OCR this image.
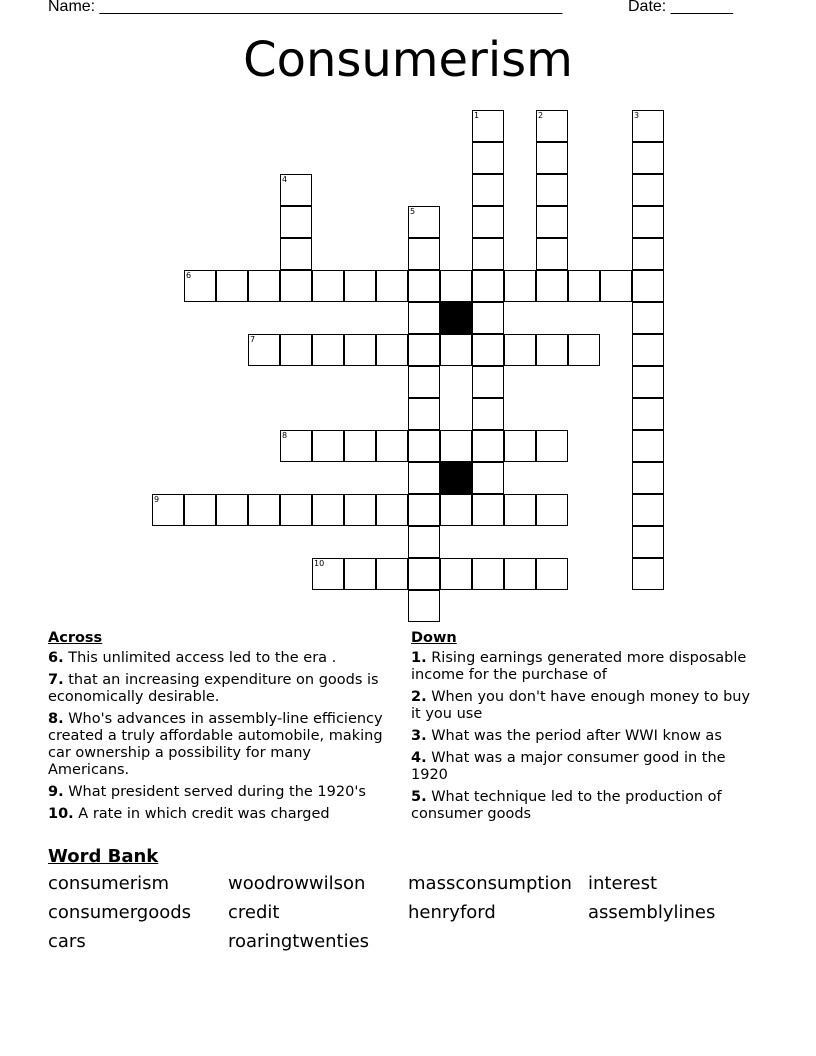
Name: ____________________________________________________	Date: _______
Consumerism
1	2	3
4
5
6
7
8
9
10
Across
6. This unlimited access led to the era .
7. that an increasing expenditure on goods is economically desirable.
8. Who's advances in assembly-line efficiency created a truly affordable automobile, making car ownership a possibility for many Americans.
9. What president served during the 1920's
10. A rate in which credit was charged
Down
1. Rising earnings generated more disposable income for the purchase of
2. When you don't have enough money to buy it you use
3. What was the period after WWI know as
4. What was a major consumer good in the 1920
5. What technique led to the production of consumer goods
Word Bank
consumerism	woodrowwilson massconsumption interest
consumergoods credit	henryford	assemblylines
cars	roaringtwenties
